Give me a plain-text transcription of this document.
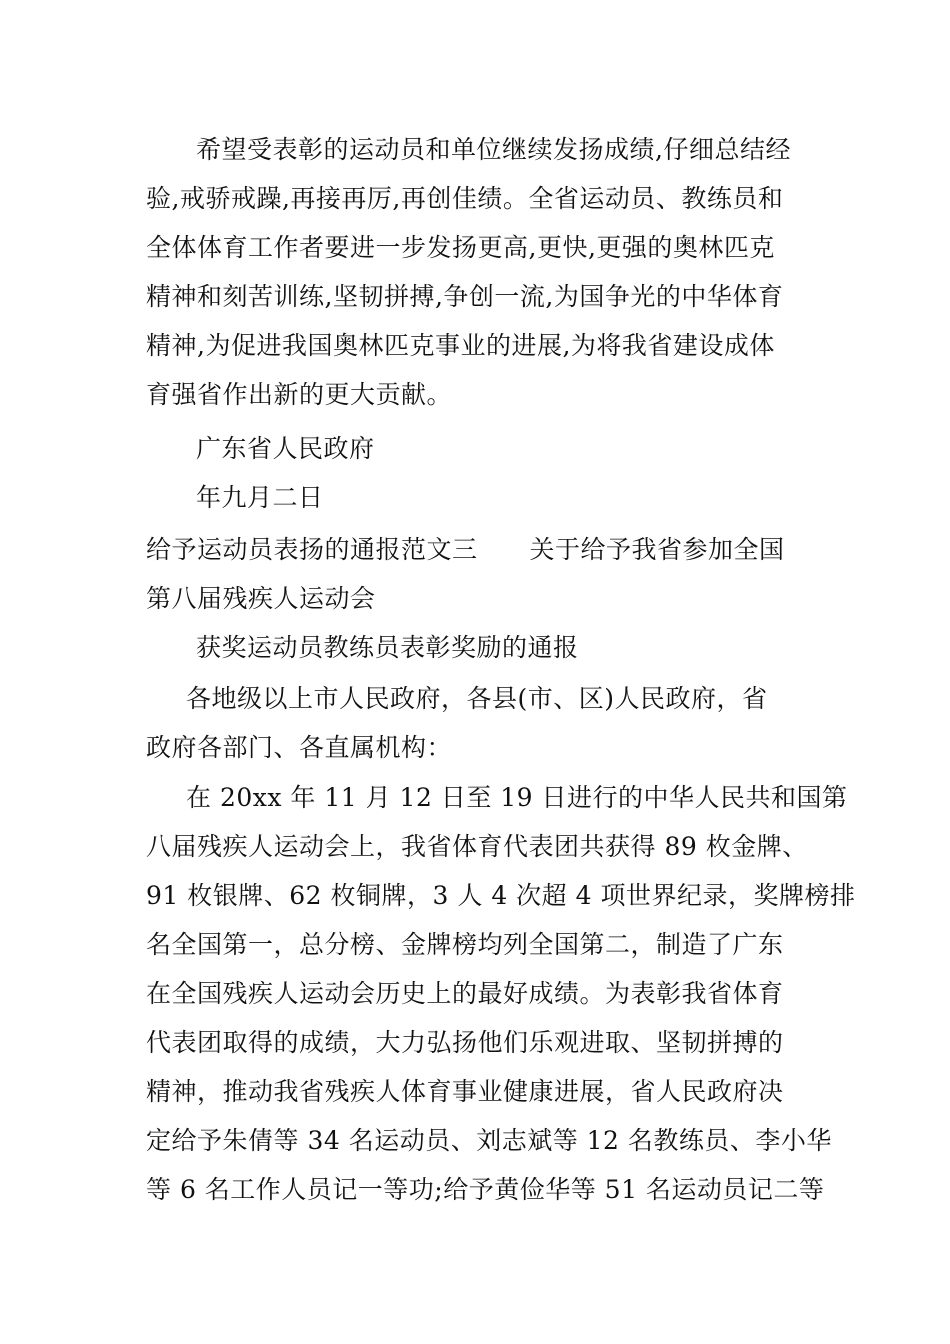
希望受表彰的运动员和单位继续发扬成绩,仔细总结经
验,戒骄戒躁,再接再厉,再创佳绩。全省运动员、教练员和
全体体育工作者要进一步发扬更高,更快,更强的奥林匹克
精神和刻苦训练,坚韧拼搏,争创一流,为国争光的中华体育
精神,为促进我国奥林匹克事业的进展,为将我省建设成体
育强省作出新的更大贡献。
广东省人民政府
年九月二日
给予运动员表扬的通报范文三 关于给予我省参加全国
第八届残疾人运动会
获奖运动员教练员表彰奖励的通报
各地级以上市人民政府，各县(市、区)人民政府，省
政府各部门、各直属机构：
在 20xx 年 11 月 12 日至 19 日进行的中华人民共和国第
八届残疾人运动会上，我省体育代表团共获得 89 枚金牌、
91 枚银牌、62 枚铜牌，3 人 4 次超 4 项世界纪录，奖牌榜排
名全国第一，总分榜、金牌榜均列全国第二，制造了广东
在全国残疾人运动会历史上的最好成绩。为表彰我省体育
代表团取得的成绩，大力弘扬他们乐观进取、坚韧拼搏的
精神，推动我省残疾人体育事业健康进展，省人民政府决
定给予朱倩等 34 名运动员、刘志斌等 12 名教练员、李小华
等 6 名工作人员记一等功;给予黄俭华等 51 名运动员记二等
